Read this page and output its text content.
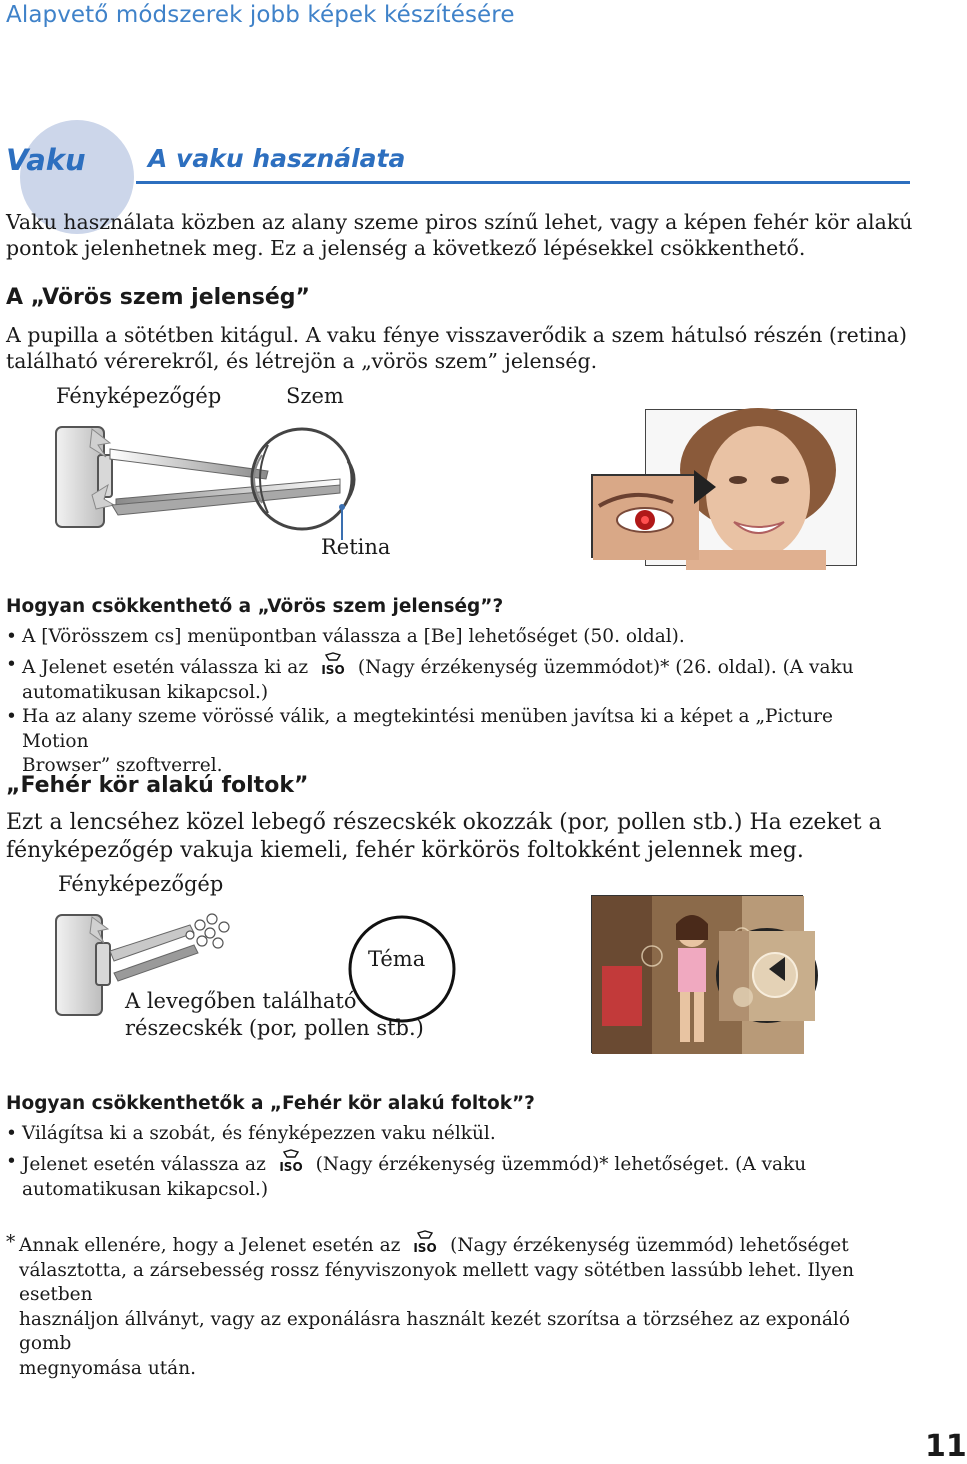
Alapvető módszerek jobb képek készítésére
Vaku A vaku használata
Vaku használata közben az alany szeme piros színű lehet, vagy a képen fehér kör alakú
pontok jelenhetnek meg. Ez a jelenség a következő lépésekkel csökkenthető.
A „Vörös szem jelenség”
A pupilla a sötétben kitágul. A vaku fénye visszaverődik a szem hátulsó részén (retina)
található vérerekről, és létrejön a „vörös szem” jelenség.
Fényképezőgép	Szem
Retina
Hogyan csökkenthető a „Vörös szem jelenség”?
• A [Vörösszem cs] menüpontban válassza a [Be] lehetőséget (50. oldal).
• A Jelenet esetén válassza ki az ISO (Nagy érzékenység üzemmódot)* (26. oldal). (A vaku
automatikusan kikapcsol.)
• Ha az alany szeme vörössé válik, a megtekintési menüben javítsa ki a képet a „Picture Motion
Browser” szoftverrel.
„Fehér kör alakú foltok”
Ezt a lencséhez közel lebegő részecskék okozzák (por, pollen stb.) Ha ezeket a
fényképezőgép vakuja kiemeli, fehér körkörös foltokként jelennek meg.
Fényképezőgép
Téma
A levegőben található
részecskék (por, pollen stb.)
Hogyan csökkenthetők a „Fehér kör alakú foltok”?
• Világítsa ki a szobát, és fényképezzen vaku nélkül.
• Jelenet esetén válassza az ISO (Nagy érzékenység üzemmód)* lehetőséget. (A vaku
automatikusan kikapcsol.)
* Annak ellenére, hogy a Jelenet esetén az ISO (Nagy érzékenység üzemmód) lehetőséget
választotta, a zársebesség rossz fényviszonyok mellett vagy sötétben lassúbb lehet. Ilyen esetben
használjon állványt, vagy az exponálásra használt kezét szorítsa a törzséhez az exponáló gomb
megnyomása után.
11
